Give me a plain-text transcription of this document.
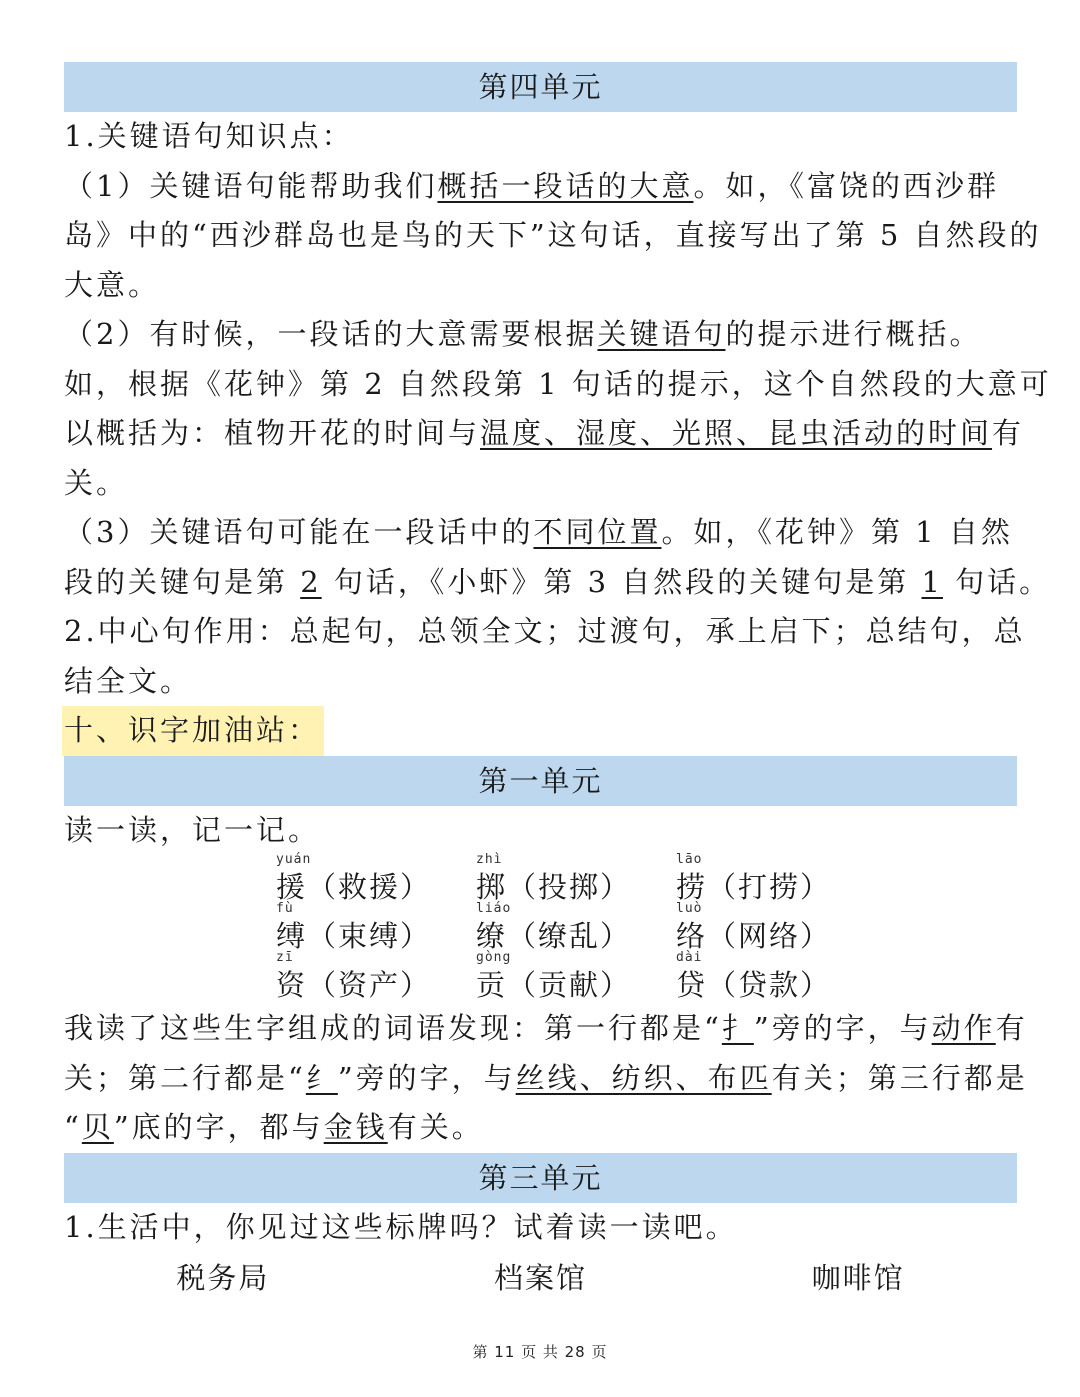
第四单元

1.关键语句知识点：

（1）关键语句能帮助我们概括一段话的大意。如，《富饶的西沙群

岛》中的“西沙群岛也是鸟的天下”这句话，直接写出了第 5 自然段的

大意。

（2）有时候，一段话的大意需要根据关键语句的提示进行概括。

如，根据《花钟》第 2 自然段第 1 句话的提示，这个自然段的大意可

以概括为：植物开花的时间与温度、湿度、光照、昆虫活动的时间有

关。

（3）关键语句可能在一段话中的不同位置。如，《花钟》第 1 自然

段的关键句是第 2 句话，《小虾》第 3 自然段的关键句是第 1 句话。

2.中心句作用：总起句，总领全文；过渡句，承上启下；总结句，总

结全文。

十、识字加油站：

第一单元

读一读，记一记。

yuán
援（救援）
zhì
掷（投掷）
lāo
捞（打捞）
fù
缚（束缚）
liáo
缭（缭乱）
luò
络（网络）
zī
资（资产）
gòng
贡（贡献）
dài
贷（贷款）

我读了这些生字组成的词语发现：第一行都是“扌”旁的字，与动作有

关；第二行都是“纟”旁的字，与丝线、纺织、布匹有关；第三行都是

“贝”底的字，都与金钱有关。

第三单元

1.生活中，你见过这些标牌吗？试着读一读吧。

税务局	档案馆	咖啡馆
第 11 页 共 28 页
